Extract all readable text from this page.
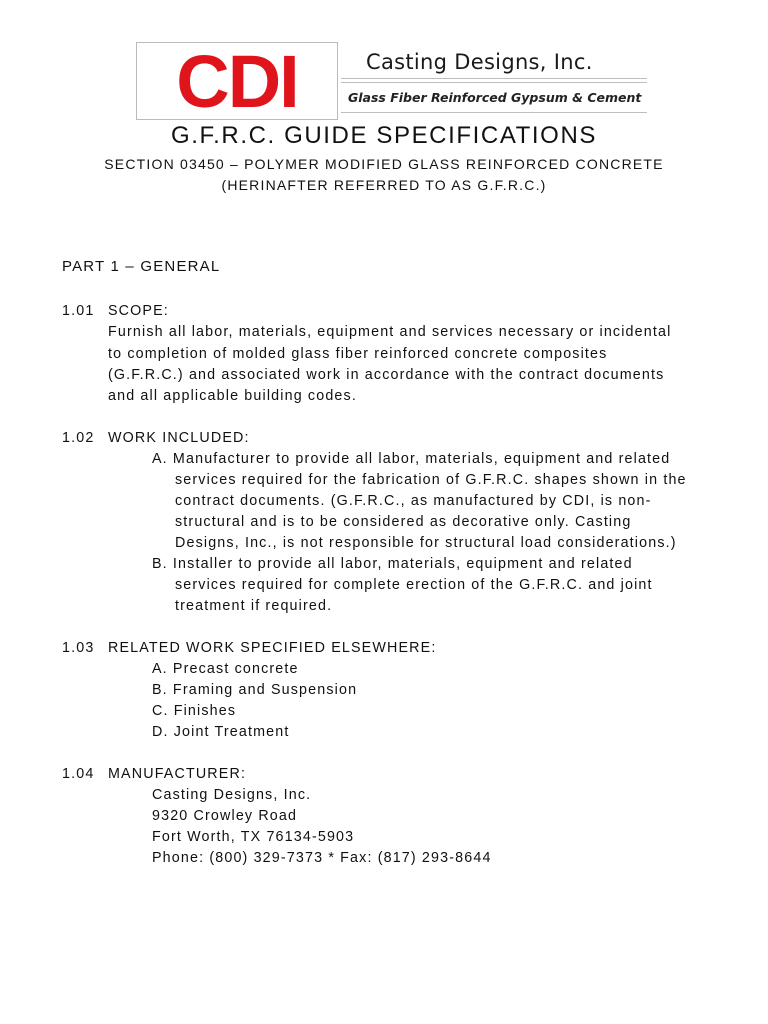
CDI	Casting Designs, Inc.
Glass Fiber Reinforced Gypsum & Cement
G.F.R.C. GUIDE SPECIFICATIONS
SECTION 03450 – POLYMER MODIFIED GLASS REINFORCED CONCRETE
(HERINAFTER REFERRED TO AS G.F.R.C.)
PART 1 – GENERAL
1.01 SCOPE:
Furnish all labor, materials, equipment and services necessary or incidental
to completion of molded glass fiber reinforced concrete composites
(G.F.R.C.) and associated work in accordance with the contract documents
and all applicable building codes.
1.02 WORK INCLUDED:
A. Manufacturer to provide all labor, materials, equipment and related
services required for the fabrication of G.F.R.C. shapes shown in the
contract documents. (G.F.R.C., as manufactured by CDI, is non-
structural and is to be considered as decorative only. Casting
Designs, Inc., is not responsible for structural load considerations.)
B. Installer to provide all labor, materials, equipment and related
services required for complete erection of the G.F.R.C. and joint
treatment if required.
1.03 RELATED WORK SPECIFIED ELSEWHERE:
A. Precast concrete
B. Framing and Suspension
C. Finishes
D. Joint Treatment
1.04 MANUFACTURER:
Casting Designs, Inc.
9320 Crowley Road
Fort Worth, TX 76134-5903
Phone: (800) 329-7373 * Fax: (817) 293-8644
